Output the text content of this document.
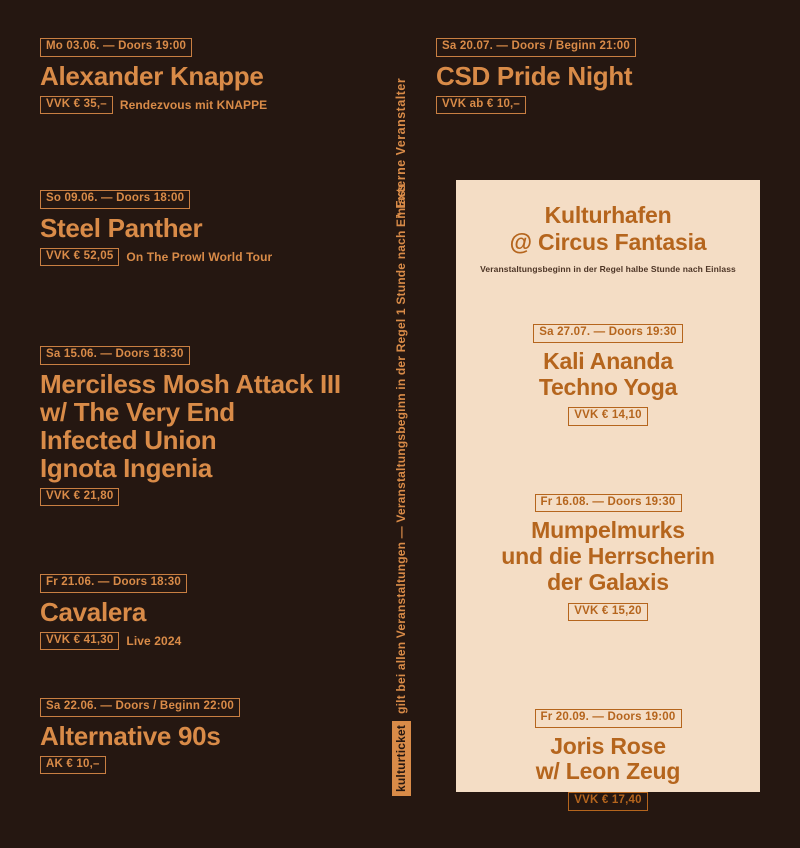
Mo 03.06. — Doors 19:00
Alexander Knappe
VVK € 35,– Rendezvous mit KNAPPE
So 09.06. — Doors 18:00
Steel Panther
VVK € 52,05 On The Prowl World Tour
Sa 15.06. — Doors 18:30
Merciless Mosh Attack III
w/ The Very End
Infected Union
Ignota Ingenia
VVK € 21,80
Fr 21.06. — Doors 18:30
Cavalera
VVK € 41,30 Live 2024
Sa 22.06. — Doors / Beginn 22:00
Alternative 90s
AK € 10,–
* Externe Veranstalter
kulturticketgilt bei allen Veranstaltungen — Veranstaltungsbeginn in der Regel 1 Stunde nach Einlass
Sa 20.07. — Doors / Beginn 21:00
CSD Pride Night
VVK ab € 10,–
Kulturhafen
@ Circus Fantasia
Veranstaltungsbeginn in der Regel halbe Stunde nach Einlass
Sa 27.07. — Doors 19:30
Kali Ananda
Techno Yoga
VVK € 14,10
Fr 16.08. — Doors 19:30
Mumpelmurks
und die Herrscherin
der Galaxis
VVK € 15,20
Fr 20.09. — Doors 19:00
Joris Rose
w/ Leon Zeug
VVK € 17,40
